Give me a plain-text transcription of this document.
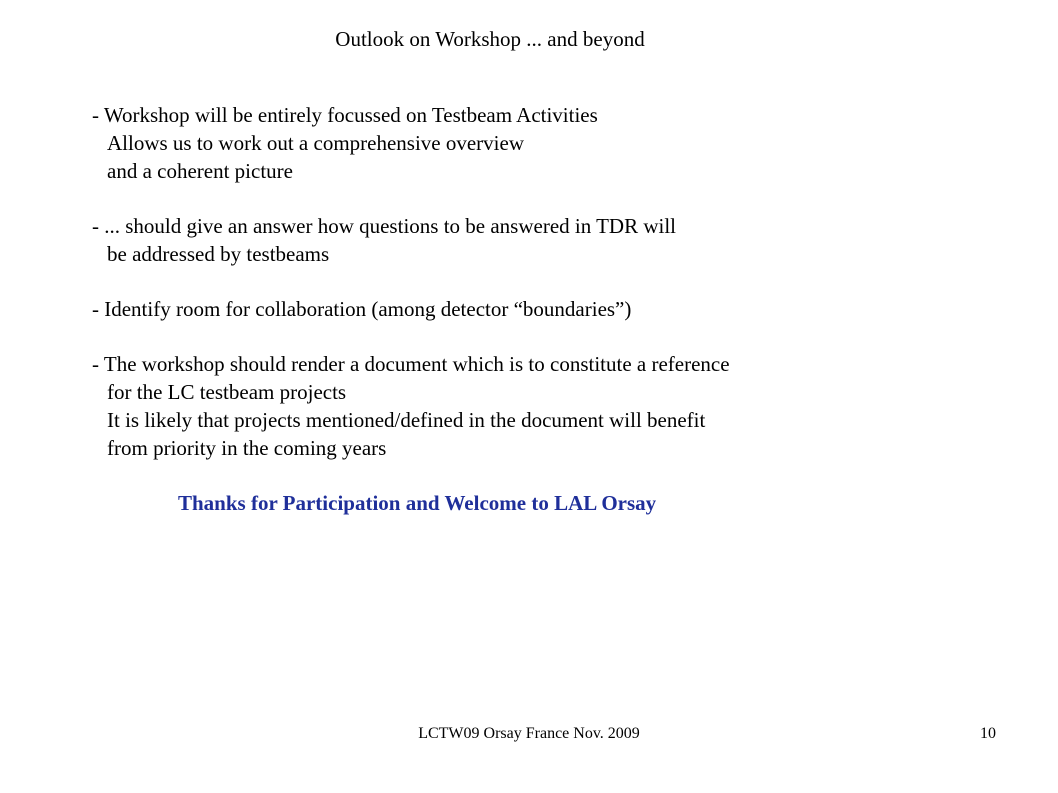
Outlook on Workshop ... and beyond
- Workshop will be entirely focussed on Testbeam Activities
Allows us to work out a comprehensive overview
and a coherent picture
- ... should give an answer how questions to be answered in TDR will
be addressed by testbeams
- Identify room for collaboration (among detector “boundaries”)
- The workshop should render a document which is to constitute a reference
for the LC testbeam projects
It is likely that projects mentioned/defined in the document will benefit
from priority in the coming years
Thanks for Participation and Welcome to LAL Orsay
LCTW09 Orsay France Nov. 2009	10
